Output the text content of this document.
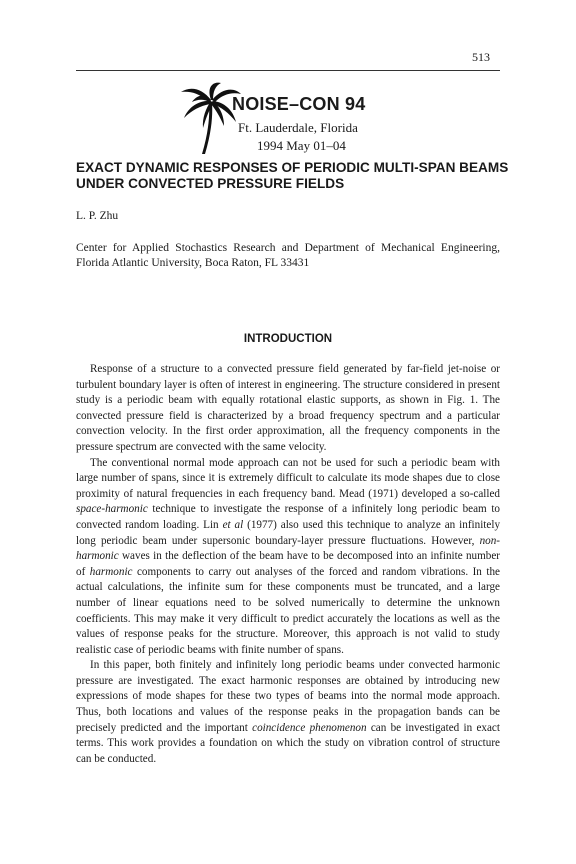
513
NOISE–CON 94
Ft. Lauderdale, Florida
1994 May 01–04
EXACT DYNAMIC RESPONSES OF PERIODIC MULTI-SPAN BEAMS UNDER CONVECTED PRESSURE FIELDS
L. P. Zhu
Center for Applied Stochastics Research and Department of Mechanical Engineering, Florida Atlantic University, Boca Raton, FL 33431
INTRODUCTION

Response of a structure to a convected pressure field generated by far-field jet-noise or turbulent boundary layer is often of interest in engineering. The structure considered in present study is a periodic beam with equally rotational elastic supports, as shown in Fig. 1. The convected pressure field is characterized by a broad frequency spectrum and a particular convection velocity. In the first order approximation, all the frequency components in the pressure spectrum are convected with the same velocity.

The conventional normal mode approach can not be used for such a periodic beam with large number of spans, since it is extremely difficult to calculate its mode shapes due to close proximity of natural frequencies in each frequency band. Mead (1971) developed a so-called space-harmonic technique to investigate the response of a infinitely long periodic beam to convected random loading. Lin et al (1977) also used this technique to analyze an infinitely long periodic beam under supersonic boundary-layer pressure fluctuations. However, non-harmonic waves in the deflection of the beam have to be decomposed into an infinite number of harmonic components to carry out analyses of the forced and random vibrations. In the actual calculations, the infinite sum for these components must be truncated, and a large number of linear equations need to be solved numerically to determine the unknown coefficients. This may make it very difficult to predict accurately the locations as well as the values of response peaks for the structure. Moreover, this approach is not valid to study realistic case of periodic beams with finite number of spans.

In this paper, both finitely and infinitely long periodic beams under convected harmonic pressure are investigated. The exact harmonic responses are obtained by introducing new expressions of mode shapes for these two types of beams into the normal mode approach. Thus, both locations and values of the response peaks in the propagation bands can be precisely predicted and the important coincidence phenomenon can be investigated in exact terms. This work provides a foundation on which the study on vibration control of structure can be conducted.
